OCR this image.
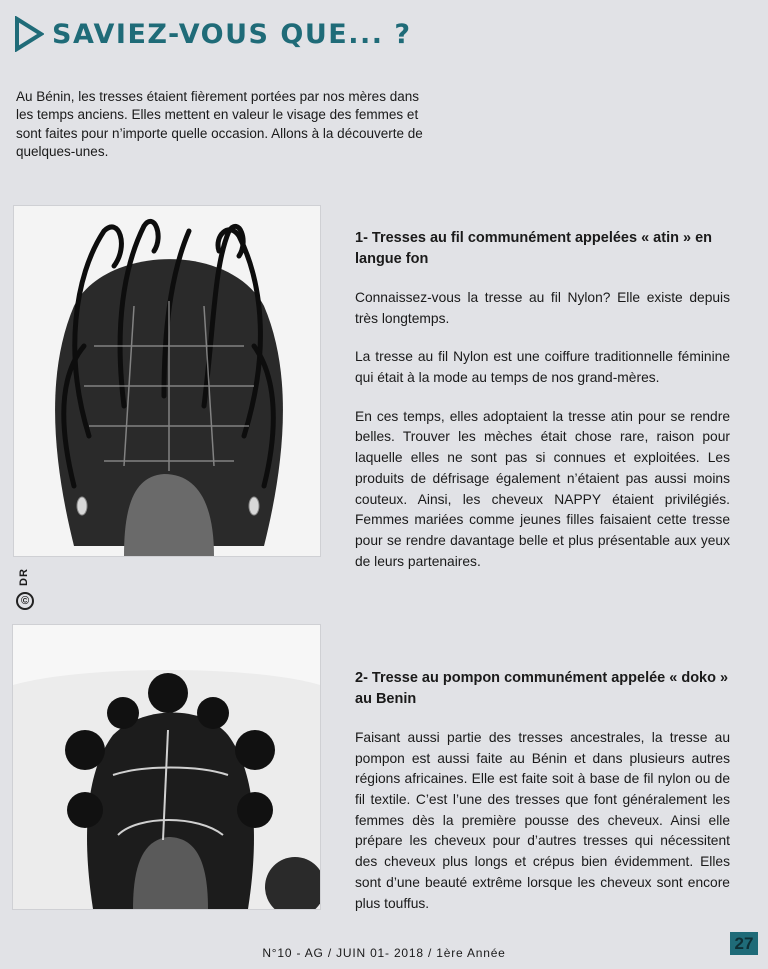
SAVIEZ-VOUS QUE... ?
Au Bénin, les tresses étaient fièrement portées par nos mères dans les temps anciens. Elles mettent en valeur le visage des femmes et sont faites pour n’importe quelle occasion. Allons à la découverte de quelques-unes.
DR
©
1- Tresses au fil communément appelées « atin » en langue fon

Connaissez-vous la tresse au fil Nylon? Elle existe depuis très longtemps.

La tresse au fil Nylon est une coiffure traditionnelle féminine qui était à la mode au temps de nos grand-mères.

En ces temps, elles adoptaient la tresse atin pour se rendre belles. Trouver les mèches était chose rare, raison pour laquelle elles ne sont pas si connues et exploitées. Les produits de défrisage également n’étaient pas aussi moins couteux. Ainsi, les cheveux NAPPY étaient privilégiés. Femmes mariées comme jeunes filles faisaient cette tresse pour se rendre davantage belle et plus présentable aux yeux de leurs partenaires.

2- Tresse au pompon communément appelée « doko » au Benin

Faisant aussi partie des tresses ancestrales, la tresse au pompon est aussi faite au Bénin et dans plusieurs autres régions africaines. Elle est faite soit à base de fil nylon ou de fil textile. C’est l’une des tresses que font généralement les femmes dès la première pousse des cheveux. Ainsi elle prépare les cheveux pour d’autres tresses qui nécessitent des cheveux plus longs et crépus bien évidemment. Elles sont d’une beauté extrême lorsque les cheveux sont encore plus touffus.

N°10 - AG / JUIN 01- 2018 / 1ère Année
27
